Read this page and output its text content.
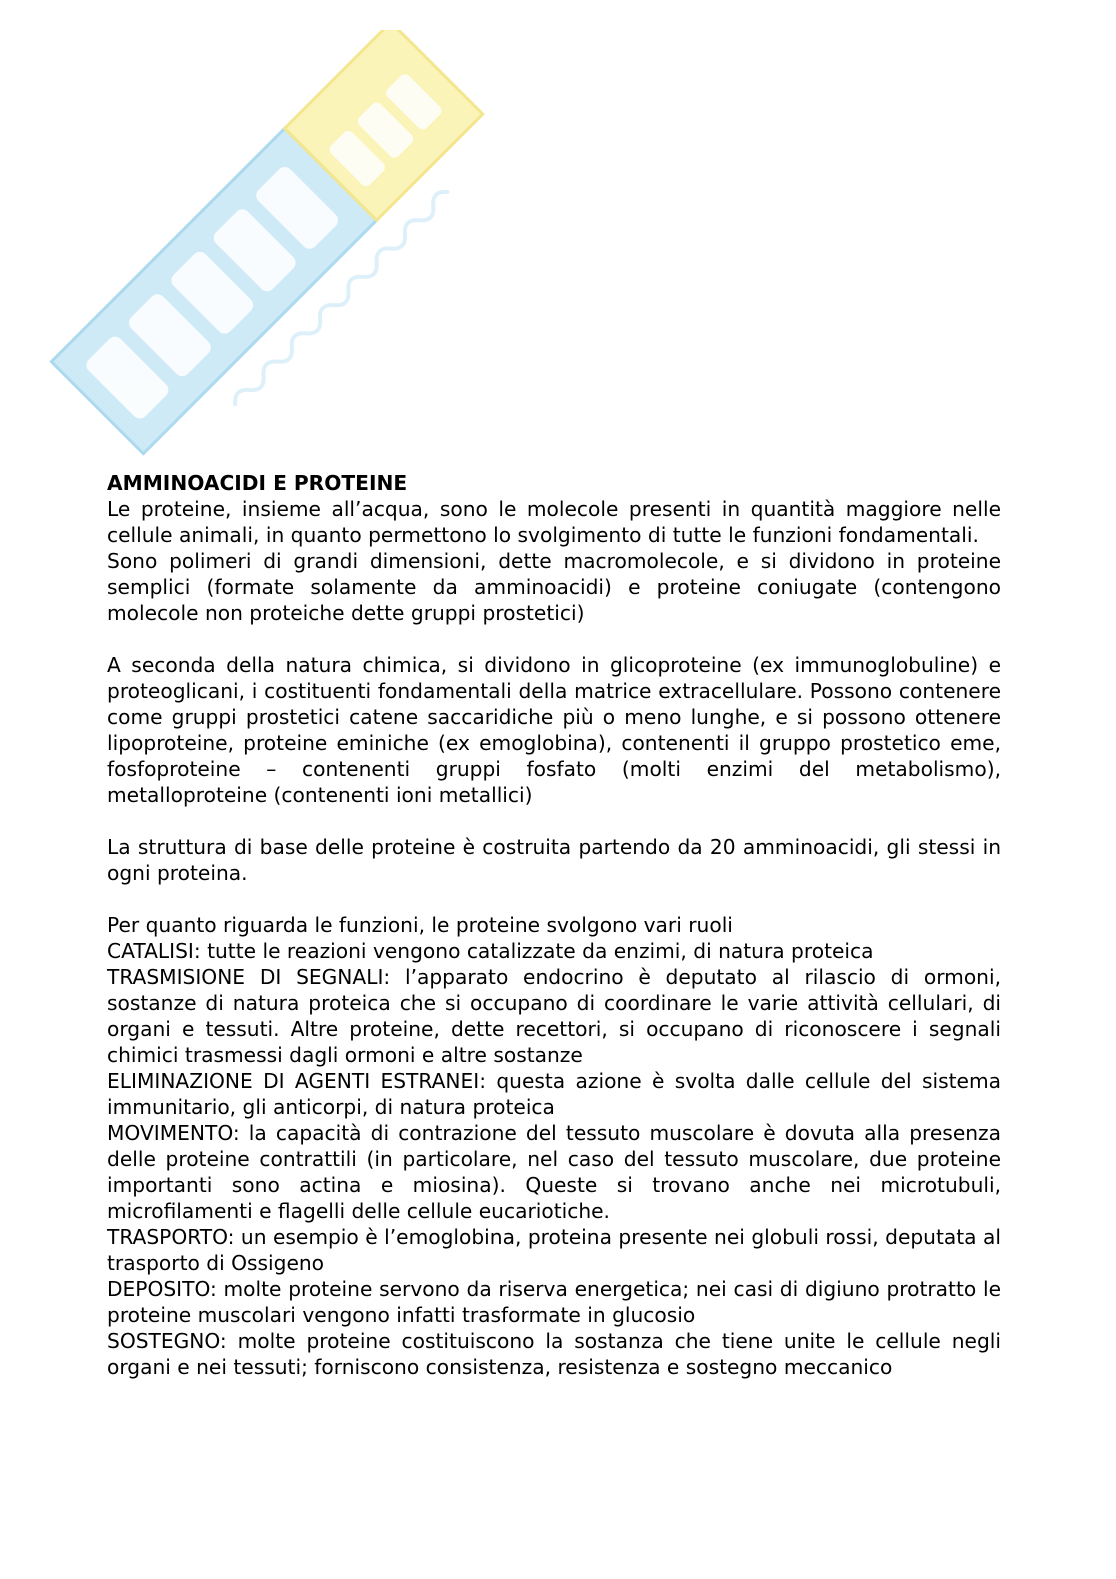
AMMINOACIDI E PROTEINE

Le proteine, insieme all’acqua, sono le molecole presenti in quantità maggiore nelle cellule animali, in quanto permettono lo svolgimento di tutte le funzioni fondamentali.

Sono polimeri di grandi dimensioni, dette macromolecole, e si dividono in proteine semplici (formate solamente da amminoacidi) e proteine coniugate (contengono molecole non proteiche dette gruppi prostetici)

A seconda della natura chimica, si dividono in glicoproteine (ex immunoglobuline) e proteoglicani, i costituenti fondamentali della matrice extracellulare. Possono contenere come gruppi prostetici catene saccaridiche più o meno lunghe, e si possono ottenere lipoproteine, proteine eminiche (ex emoglobina), contenenti il gruppo prostetico eme, fosfoproteine – contenenti gruppi fosfato (molti enzimi del metabolismo), metalloproteine (contenenti ioni metallici)

La struttura di base delle proteine è costruita partendo da 20 amminoacidi, gli stessi in ogni proteina.

Per quanto riguarda le funzioni, le proteine svolgono vari ruoli

CATALISI: tutte le reazioni vengono catalizzate da enzimi, di natura proteica

TRASMISIONE DI SEGNALI: l’apparato endocrino è deputato al rilascio di ormoni, sostanze di natura proteica che si occupano di coordinare le varie attività cellulari, di organi e tessuti. Altre proteine, dette recettori, si occupano di riconoscere i segnali chimici trasmessi dagli ormoni e altre sostanze

ELIMINAZIONE DI AGENTI ESTRANEI: questa azione è svolta dalle cellule del sistema immunitario, gli anticorpi, di natura proteica

MOVIMENTO: la capacità di contrazione del tessuto muscolare è dovuta alla presenza delle proteine contrattili (in particolare, nel caso del tessuto muscolare, due proteine importanti sono actina e miosina). Queste si trovano anche nei microtubuli, microfilamenti e flagelli delle cellule eucariotiche.

TRASPORTO: un esempio è l’emoglobina, proteina presente nei globuli rossi, deputata al trasporto di Ossigeno

DEPOSITO: molte proteine servono da riserva energetica; nei casi di digiuno protratto le proteine muscolari vengono infatti trasformate in glucosio

SOSTEGNO: molte proteine costituiscono la sostanza che tiene unite le cellule negli organi e nei tessuti; forniscono consistenza, resistenza e sostegno meccanico
